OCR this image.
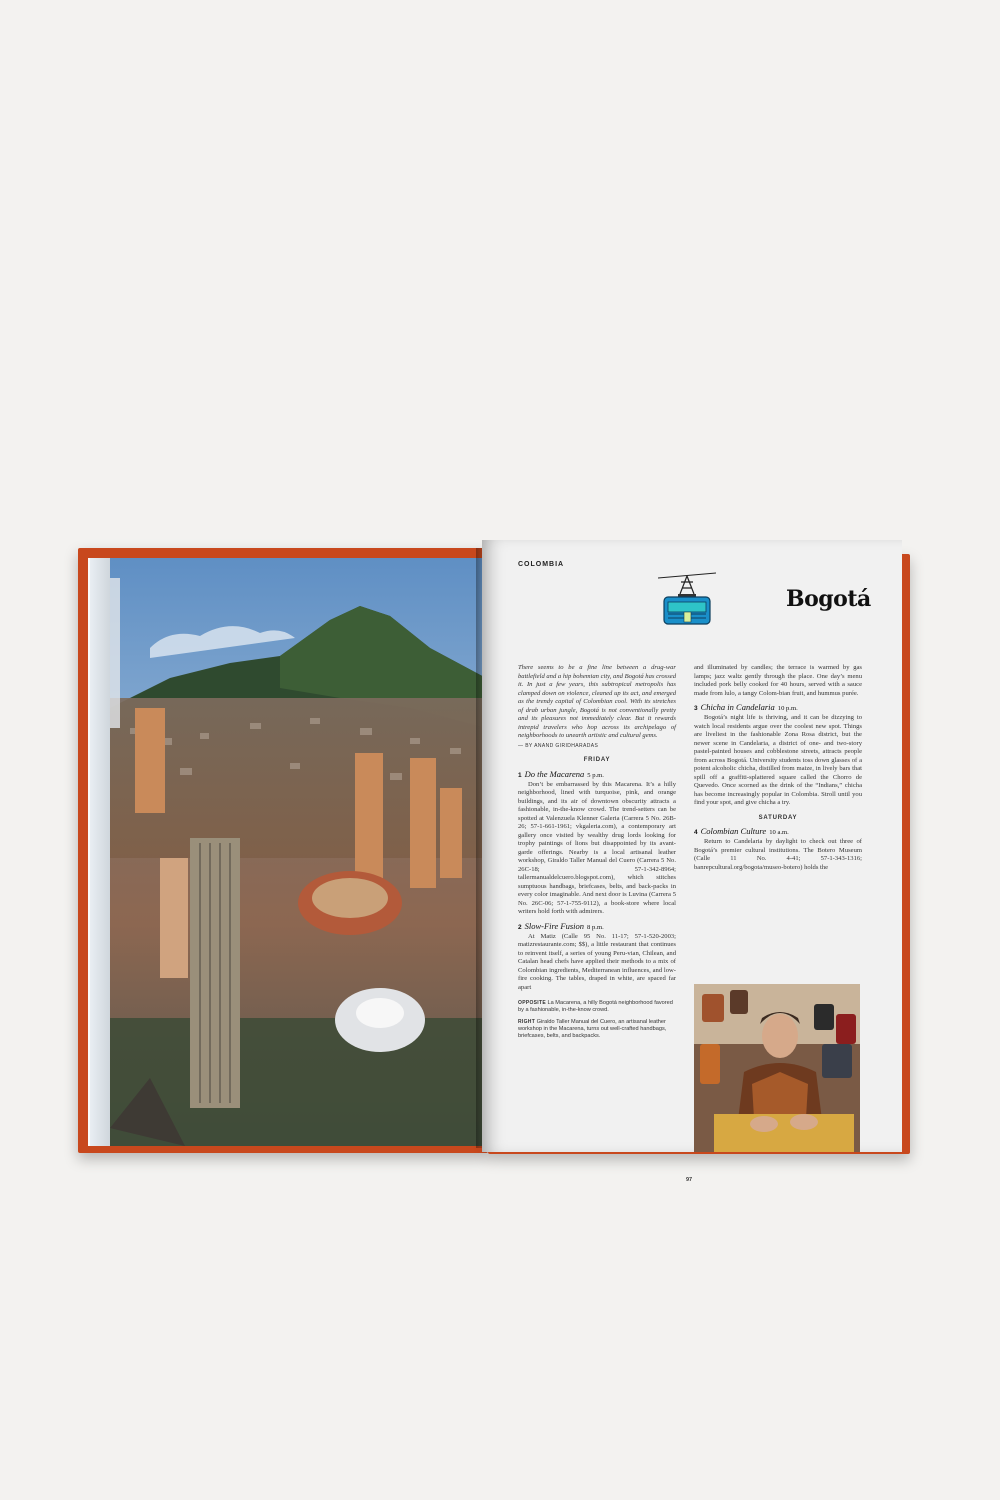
COLOMBIA
Bogotá

There seems to be a fine line between a drug-war battlefield and a hip bohemian city, and Bogotá has crossed it. In just a few years, this subtropical metropolis has clamped down on violence, cleaned up its act, and emerged as the trendy capital of Colombian cool. With its stretches of drab urban jungle, Bogotá is not conventionally pretty and its pleasures not immediately clear. But it rewards intrepid travelers who hop across its archipelago of neighborhoods to unearth artistic and cultural gems.

— BY ANAND GIRIDHARADAS

FRIDAY

1 Do the Macarena 5 p.m.

Don’t be embarrassed by this Macarena. It’s a hilly neighborhood, lined with turquoise, pink, and orange buildings, and its air of downtown obscurity attracts a fashionable, in-the-know crowd. The trend-setters can be spotted at Valenzuela Klenner Galeria (Carrera 5 No. 26B-26; 57-1-661-1961; vkgaleria.com), a contemporary art gallery once visited by wealthy drug lords looking for trophy paintings of lions but disappointed by its avant-garde offerings. Nearby is a local artisanal leather workshop, Giraldo Taller Manual del Cuero (Carrera 5 No. 26C-18; 57-1-342-8964; tallermanualdelcuero.blogspot.com), which stitches sumptuous handbags, briefcases, belts, and back-packs in every color imaginable. And next door is Luvina (Carrera 5 No. 26C-06; 57-1-755-9112), a book-store where local writers hold forth with admirers.

2 Slow-Fire Fusion 8 p.m.

At Matiz (Calle 95 No. 11-17; 57-1-520-2003; matizrestaurante.com; $$), a little restaurant that continues to reinvent itself, a series of young Peru-vian, Chilean, and Catalan head chefs have applied their methods to a mix of Colombian ingredients, Mediterranean influences, and low-fire cooking. The tables, draped in white, are spaced far apart

OPPOSITE La Macarena, a hilly Bogotá neighborhood favored by a fashionable, in-the-know crowd.

RIGHT Giraldo Taller Manual del Cuero, an artisanal leather workshop in the Macarena, turns out well-crafted handbags, briefcases, belts, and backpacks.

and illuminated by candles; the terrace is warmed by gas lamps; jazz waltz gently through the place. One day’s menu included pork belly cooked for 40 hours, served with a sauce made from lulo, a tangy Colom-bian fruit, and hummus purée.

3 Chicha in Candelaria 10 p.m.

Bogotá’s night life is thriving, and it can be dizzying to watch local residents argue over the coolest new spot. Things are liveliest in the fashionable Zona Rosa district, but the newer scene in Candelaria, a district of one- and two-story pastel-painted houses and cobblestone streets, attracts people from across Bogotá. University students toss down glasses of a potent alcoholic chicha, distilled from maize, in lively bars that spill off a graffiti-splattered square called the Chorro de Quevedo. Once scorned as the drink of the “Indians,” chicha has become increasingly popular in Colombia. Stroll until you find your spot, and give chicha a try.

SATURDAY

4 Colombian Culture 10 a.m.

Return to Candelaria by daylight to check out three of Bogotá’s premier cultural institutions. The Botero Museum (Calle 11 No. 4-41; 57-1-343-1316; banrepcultural.org/bogota/museo-botero) holds the

97
